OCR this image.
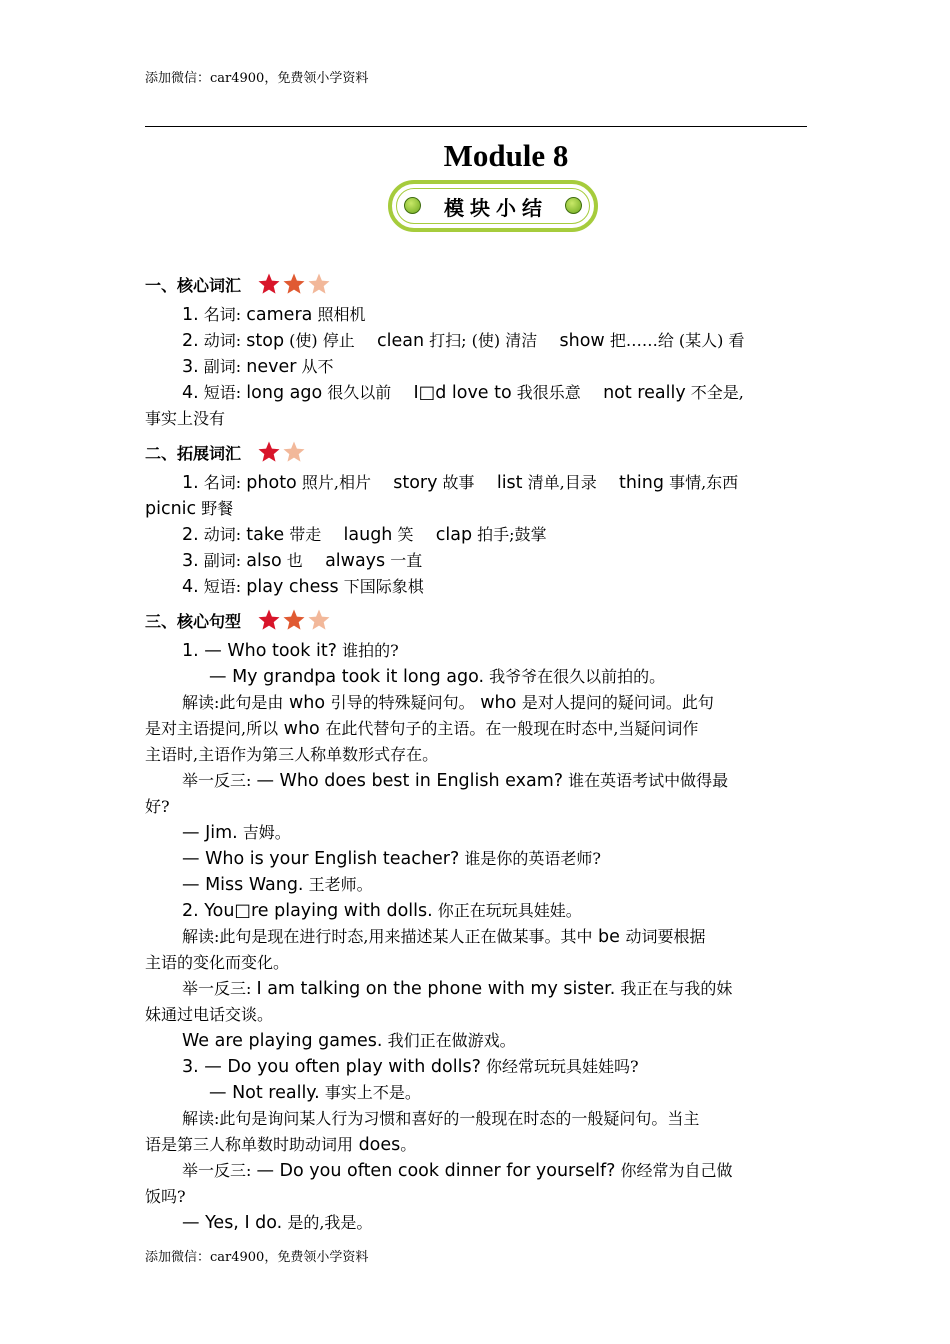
添加微信：car4900，免费领小学资料
Module 8
模块小结
一、核心词汇
1. 名词: camera 照相机
2. 动词: stop (使) 停止 clean 打扫; (使) 清洁 show 把……给 (某人) 看
3. 副词: never 从不
4. 短语: long ago 很久以前 I□d love to 我很乐意 not really 不全是,
事实上没有
二、拓展词汇
1. 名词: photo 照片,相片 story 故事 list 清单,目录 thing 事情,东西
picnic 野餐
2. 动词: take 带走 laugh 笑 clap 拍手;鼓掌
3. 副词: also 也 always 一直
4. 短语: play chess 下国际象棋
三、核心句型
1. — Who took it? 谁拍的?
— My grandpa took it long ago. 我爷爷在很久以前拍的。
解读:此句是由 who 引导的特殊疑问句。 who 是对人提问的疑问词。此句
是对主语提问,所以 who 在此代替句子的主语。在一般现在时态中,当疑问词作
主语时,主语作为第三人称单数形式存在。
举一反三: — Who does best in English exam? 谁在英语考试中做得最
好?
— Jim. 吉姆。
— Who is your English teacher? 谁是你的英语老师?
— Miss Wang. 王老师。
2. You□re playing with dolls. 你正在玩玩具娃娃。
解读:此句是现在进行时态,用来描述某人正在做某事。其中 be 动词要根据
主语的变化而变化。
举一反三: I am talking on the phone with my sister. 我正在与我的妹
妹通过电话交谈。
We are playing games. 我们正在做游戏。
3. — Do you often play with dolls? 你经常玩玩具娃娃吗?
— Not really. 事实上不是。
解读:此句是询问某人行为习惯和喜好的一般现在时态的一般疑问句。当主
语是第三人称单数时助动词用 does。
举一反三: — Do you often cook dinner for yourself? 你经常为自己做
饭吗?
— Yes, I do. 是的,我是。
添加微信：car4900，免费领小学资料
